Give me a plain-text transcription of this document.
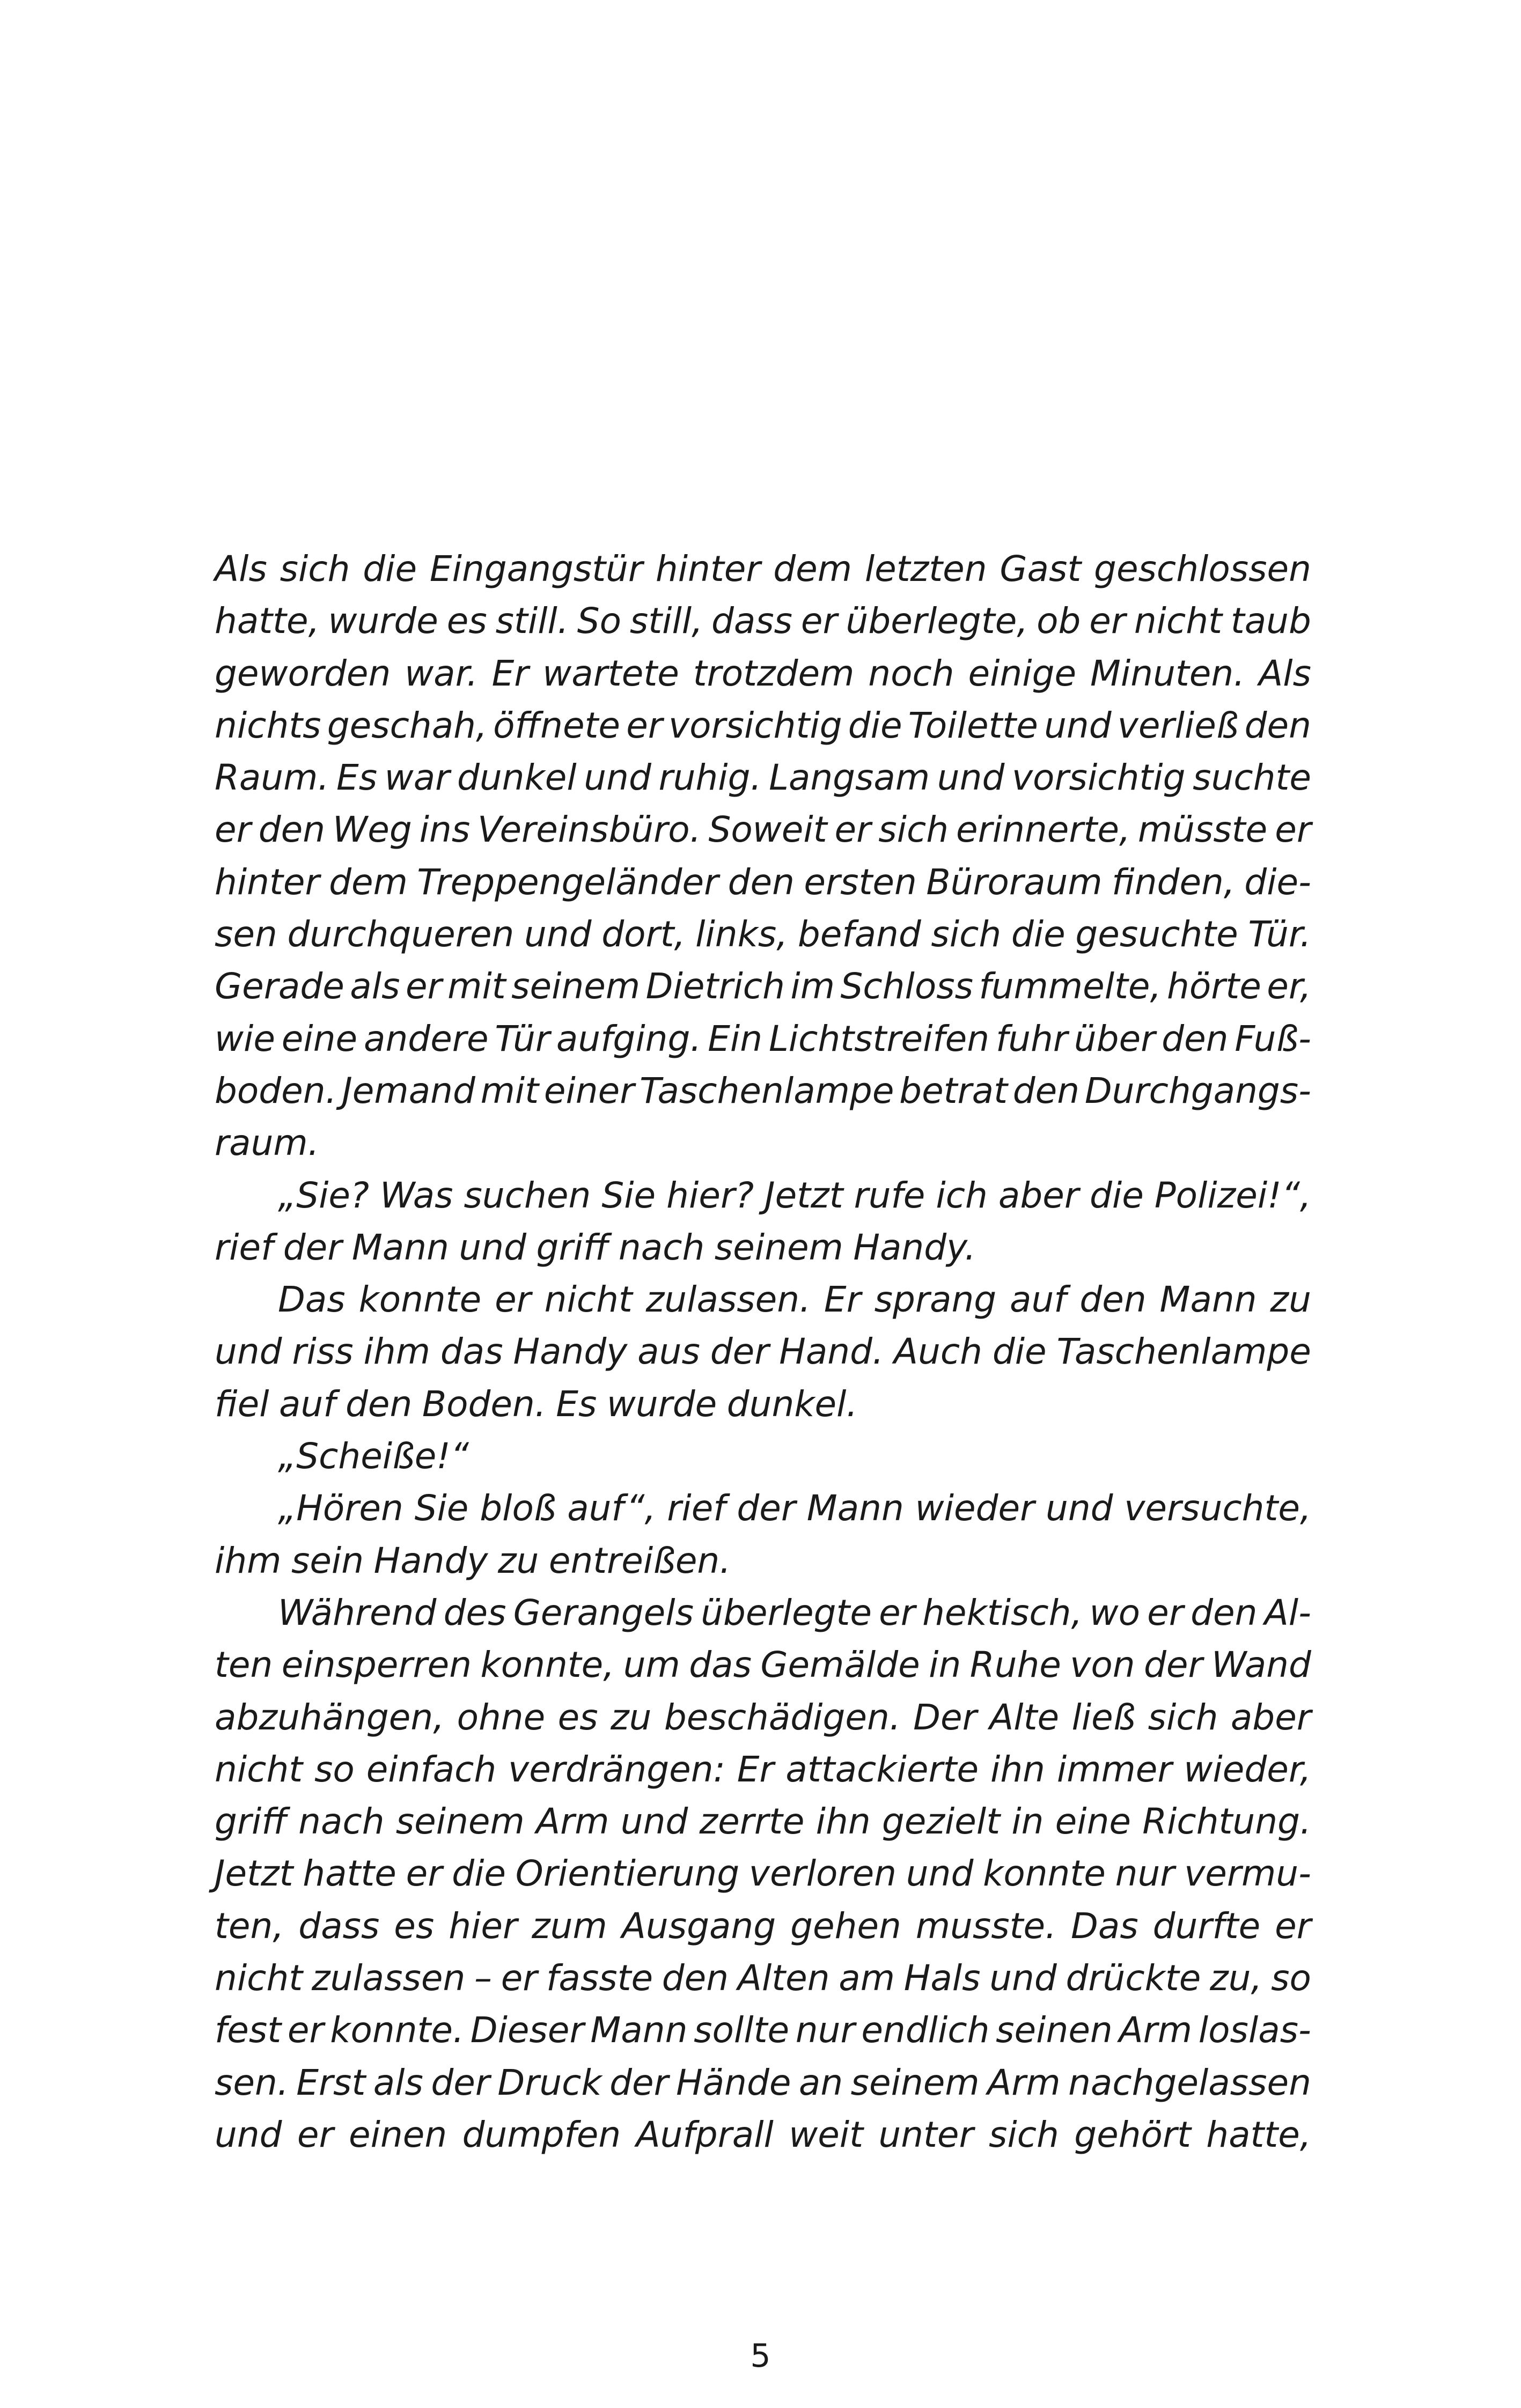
Als sich die Eingangstür hinter dem letzten Gast geschlossen
hatte, wurde es still. So still, dass er überlegte, ob er nicht taub
geworden war. Er wartete trotzdem noch einige Minuten. Als
nichts geschah, öffnete er vorsichtig die Toilette und verließ den
Raum. Es war dunkel und ruhig. Langsam und vorsichtig suchte
er den Weg ins Vereinsbüro. Soweit er sich erinnerte, müsste er
hinter dem Treppengeländer den ersten Büroraum finden, die-
sen durchqueren und dort, links, befand sich die gesuchte Tür.
Gerade als er mit seinem Dietrich im Schloss fummelte, hörte er,
wie eine andere Tür aufging. Ein Lichtstreifen fuhr über den Fuß-
boden. Jemand mit einer Taschenlampe betrat den Durchgangs-
raum.
„Sie? Was suchen Sie hier? Jetzt rufe ich aber die Polizei!“,
rief der Mann und griff nach seinem Handy.
Das konnte er nicht zulassen. Er sprang auf den Mann zu
und riss ihm das Handy aus der Hand. Auch die Taschenlampe
fiel auf den Boden. Es wurde dunkel.
„Scheiße!“
„Hören Sie bloß auf“, rief der Mann wieder und versuchte,
ihm sein Handy zu entreißen.
Während des Gerangels überlegte er hektisch, wo er den Al-
ten einsperren konnte, um das Gemälde in Ruhe von der Wand
abzuhängen, ohne es zu beschädigen. Der Alte ließ sich aber
nicht so einfach verdrängen: Er attackierte ihn immer wieder,
griff nach seinem Arm und zerrte ihn gezielt in eine Richtung.
Jetzt hatte er die Orientierung verloren und konnte nur vermu-
ten, dass es hier zum Ausgang gehen musste. Das durfte er
nicht zulassen – er fasste den Alten am Hals und drückte zu, so
fest er konnte. Dieser Mann sollte nur endlich seinen Arm loslas-
sen. Erst als der Druck der Hände an seinem Arm nachgelassen
und er einen dumpfen Aufprall weit unter sich gehört hatte,
5
